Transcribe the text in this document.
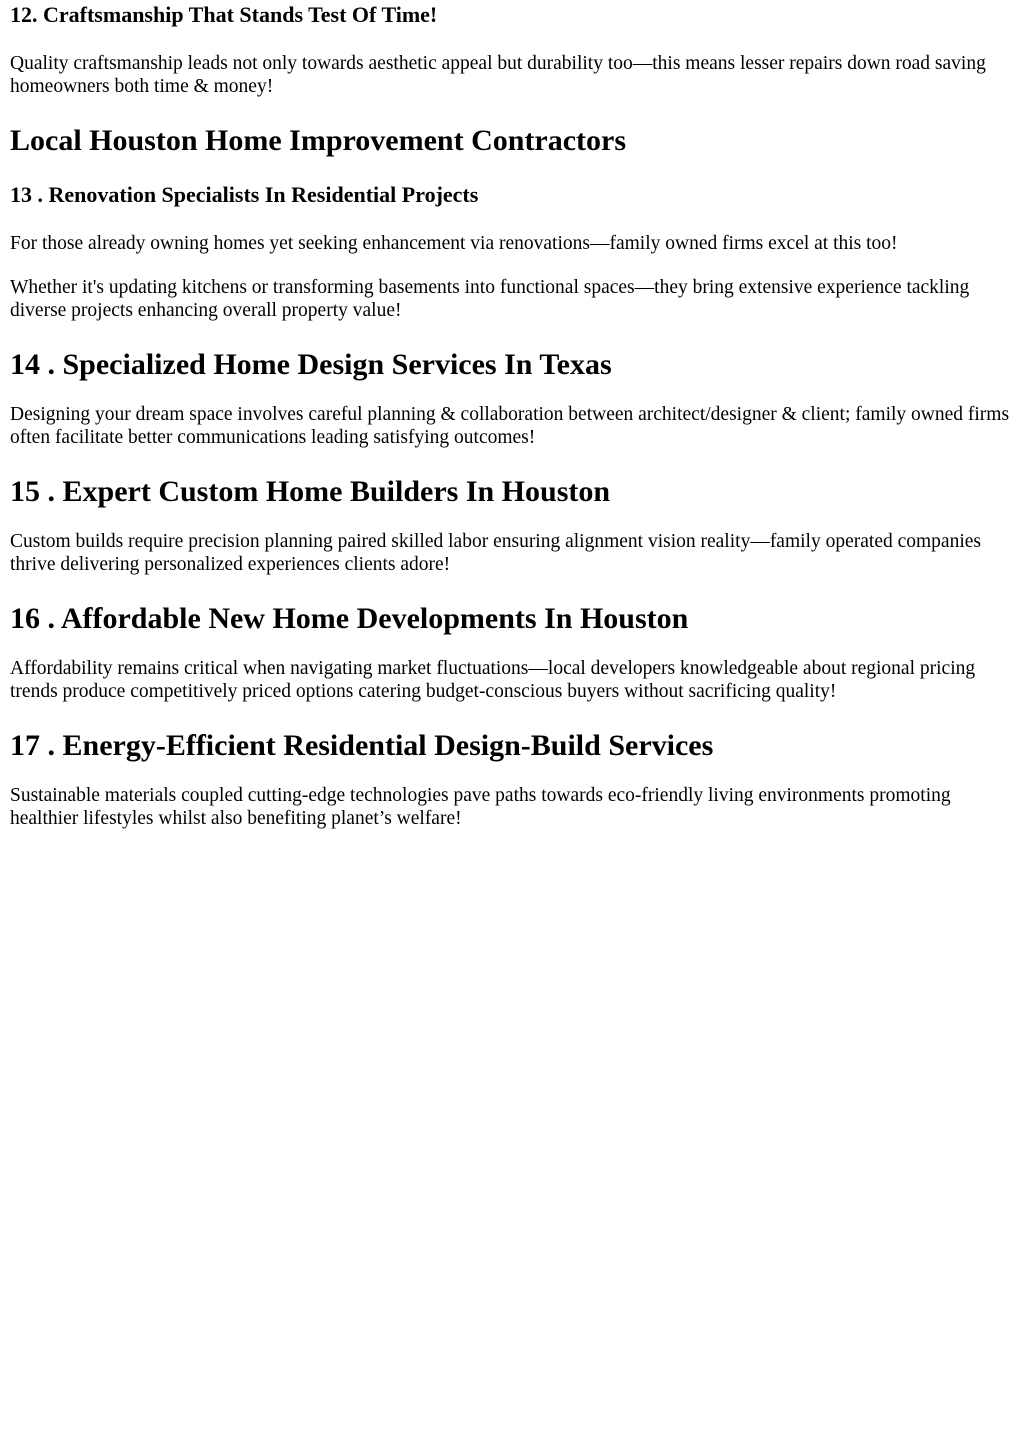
12. Craftsmanship That Stands Test Of Time!

Quality craftsmanship leads not only towards aesthetic appeal but durability too—this means lesser repairs down road saving homeowners both time & money!

Local Houston Home Improvement Contractors
13 . Renovation Specialists In Residential Projects

For those already owning homes yet seeking enhancement via renovations—family owned firms excel at this too!

Whether it's updating kitchens or transforming basements into functional spaces—they bring extensive experience tackling diverse projects enhancing overall property value!

14 . Specialized Home Design Services In Texas

Designing your dream space involves careful planning & collaboration between architect/designer & client; family owned firms often facilitate better communications leading satisfying outcomes!

15 . Expert Custom Home Builders In Houston

Custom builds require precision planning paired skilled labor ensuring alignment vision reality—family operated companies thrive delivering personalized experiences clients adore!

16 . Affordable New Home Developments In Houston

Affordability remains critical when navigating market fluctuations—local developers knowledgeable about regional pricing trends produce competitively priced options catering budget-conscious buyers without sacrificing quality!

17 . Energy-Efficient Residential Design-Build Services

Sustainable materials coupled cutting-edge technologies pave paths towards eco-friendly living environments promoting healthier lifestyles whilst also benefiting planet’s welfare!
